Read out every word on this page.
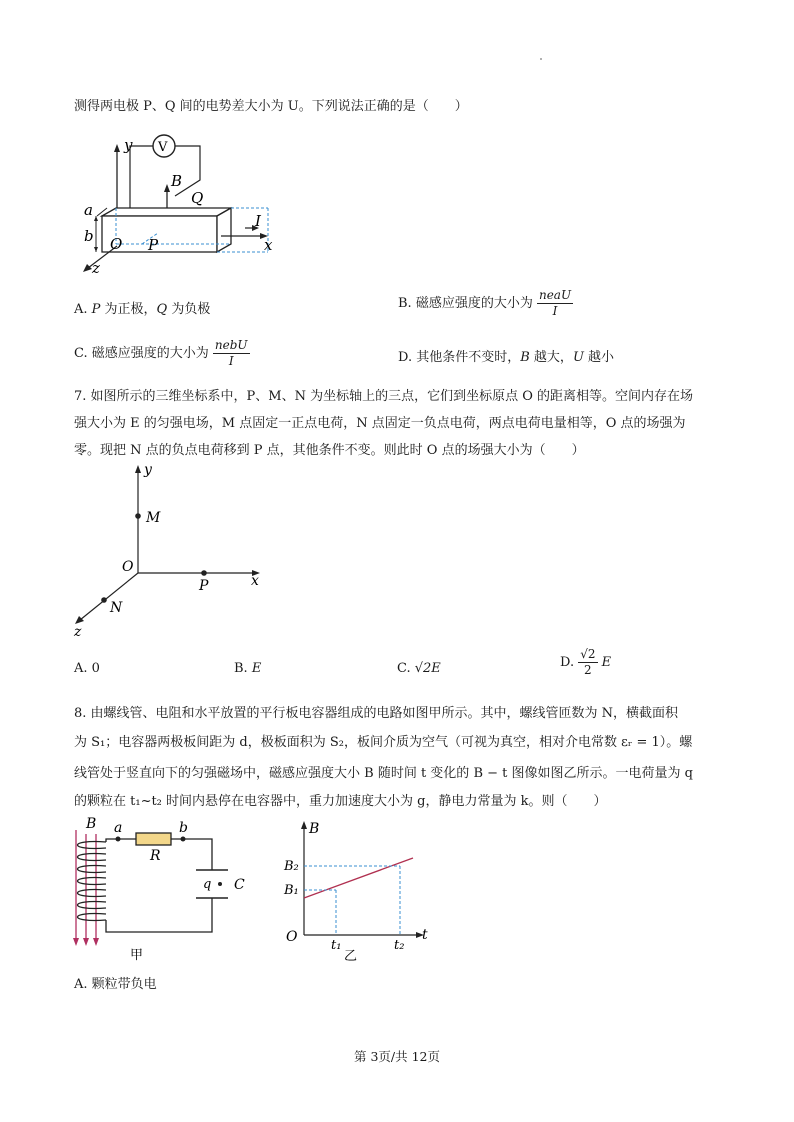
测得两电极 P、Q 间的电势差大小为 U。下列说法正确的是（　　）
y V
B
Q
I
x
z
a
b O P
A. P 为正极，Q 为负极	B. 磁感应强度的大小为 $\frac{\text{neaU}}{I}$
C. 磁感应强度的大小为 $\frac{\text{nebU}}{I}$	D. 其他条件不变时，B 越大，U 越小
7. 如图所示的三维坐标系中，P、M、N 为坐标轴上的三点，它们到坐标原点 O 的距离相等。空间内存在场
强大小为 E 的匀强电场，M 点固定一正点电荷，N 点固定一负点电荷，两点电荷电量相等，O 点的场强为
零。现把 N 点的负点电荷移到 P 点，其他条件不变。则此时 O 点的场强大小为（　　）
y
M
x
P
O
N
z
A. 0	B. E	C. √2E	D. $\frac{√2}{2}$ E
8. 由螺线管、电阻和水平放置的平行板电容器组成的电路如图甲所示。其中，螺线管匝数为 N，横截面积
为 S₁；电容器两极板间距为 d，极板面积为 S₂，板间介质为空气（可视为真空，相对介电常数 εᵣ = 1）。螺
线管处于竖直向下的匀强磁场中，磁感应强度大小 B 随时间 t 变化的 B − t 图像如图乙所示。一电荷量为 q
的颗粒在 t₁~t₂ 时间内悬停在电容器中，重力加速度大小为 g，静电力常量为 k。则（　　）
B a
R
b
q C
甲
B
t
B₂
B₁
O
t₁	t₂
乙
A. 颗粒带负电
第 3页/共 12页
